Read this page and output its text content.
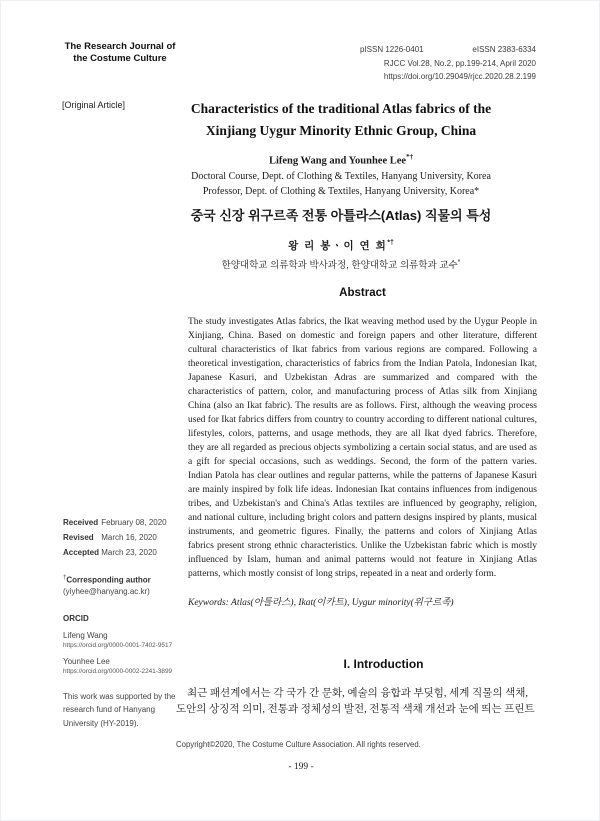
The Research Journal of
the Costume Culture
pISSN 1226-0401	eISSN 2383-6334
RJCC Vol.28, No.2, pp.199-214, April 2020
https://doi.org/10.29049/rjcc.2020.28.2.199
[Original Article]	Characteristics of the traditional Atlas fabrics of the
Xinjiang Uygur Minority Ethnic Group, China
Lifeng Wang and Younhee Lee*†
Doctoral Course, Dept. of Clothing & Textiles, Hanyang University, Korea
Professor, Dept. of Clothing & Textiles, Hanyang University, Korea*
중국 신장 위구르족 전통 아틀라스(Atlas) 직물의 특성
왕 리 봉ㆍ이 연 희*†
한양대학교 의류학과 박사과정, 한양대학교 의류학과 교수*
Abstract
The study investigates Atlas fabrics, the Ikat weaving method used by the Uygur People in Xinjiang, China. Based on domestic and foreign papers and other literature, different cultural characteristics of Ikat fabrics from various regions are compared. Following a theoretical investigation, characteristics of fabrics from the Indian Patola, Indonesian Ikat, Japanese Kasuri, and Uzbekistan Adras are summarized and compared with the characteristics of pattern, color, and manufacturing process of Atlas silk from Xinjiang China (also an Ikat fabric). The results are as follows. First, although the weaving process used for Ikat fabrics differs from country to country according to different national cultures, lifestyles, colors, patterns, and usage methods, they are all Ikat dyed fabrics. Therefore, they are all regarded as precious objects symbolizing a certain social status, and are used as a gift for special occasions, such as weddings. Second, the form of the pattern varies. Indian Patola has clear outlines and regular patterns, while the patterns of Japanese Kasuri are mainly inspired by folk life ideas. Indonesian Ikat contains influences from indigenous tribes, and Uzbekistan's and China's Atlas textiles are influenced by geography, religion, and national culture, including bright colors and pattern designs inspired by plants, musical instruments, and geometric figures. Finally, the patterns and colors of Xinjiang Atlas fabrics present strong ethnic characteristics. Unlike the Uzbekistan fabric which is mostly influenced by Islam, human and animal patterns would not feature in Xinjiang Atlas patterns, which mostly consist of long strips, repeated in a neat and orderly form.
Keywords: Atlas(아틀라스), Ikat(이카트), Uygur minority(위구르족)
I. Introduction
최근 패션계에서는 각 국가 간 문화, 예술의 융합과 부딪힘, 세계 직물의 색채,
도안의 상징적 의미, 전통과 정체성의 발전, 전통적 색채 개선과 눈에 띄는 프린트
Received February 08, 2020
Revised March 16, 2020
Accepted March 23, 2020
†Corresponding author
(yiyhee@hanyang.ac.kr)
ORCID
Lifeng Wang
https://orcid.org/0000-0001-7402-9517
Younhee Lee
https://orcid.org/0000-0002-2241-3899
This work was supported by the research fund of Hanyang University (HY-2019).
Copyright©2020, The Costume Culture Association. All rights reserved.
- 199 -
